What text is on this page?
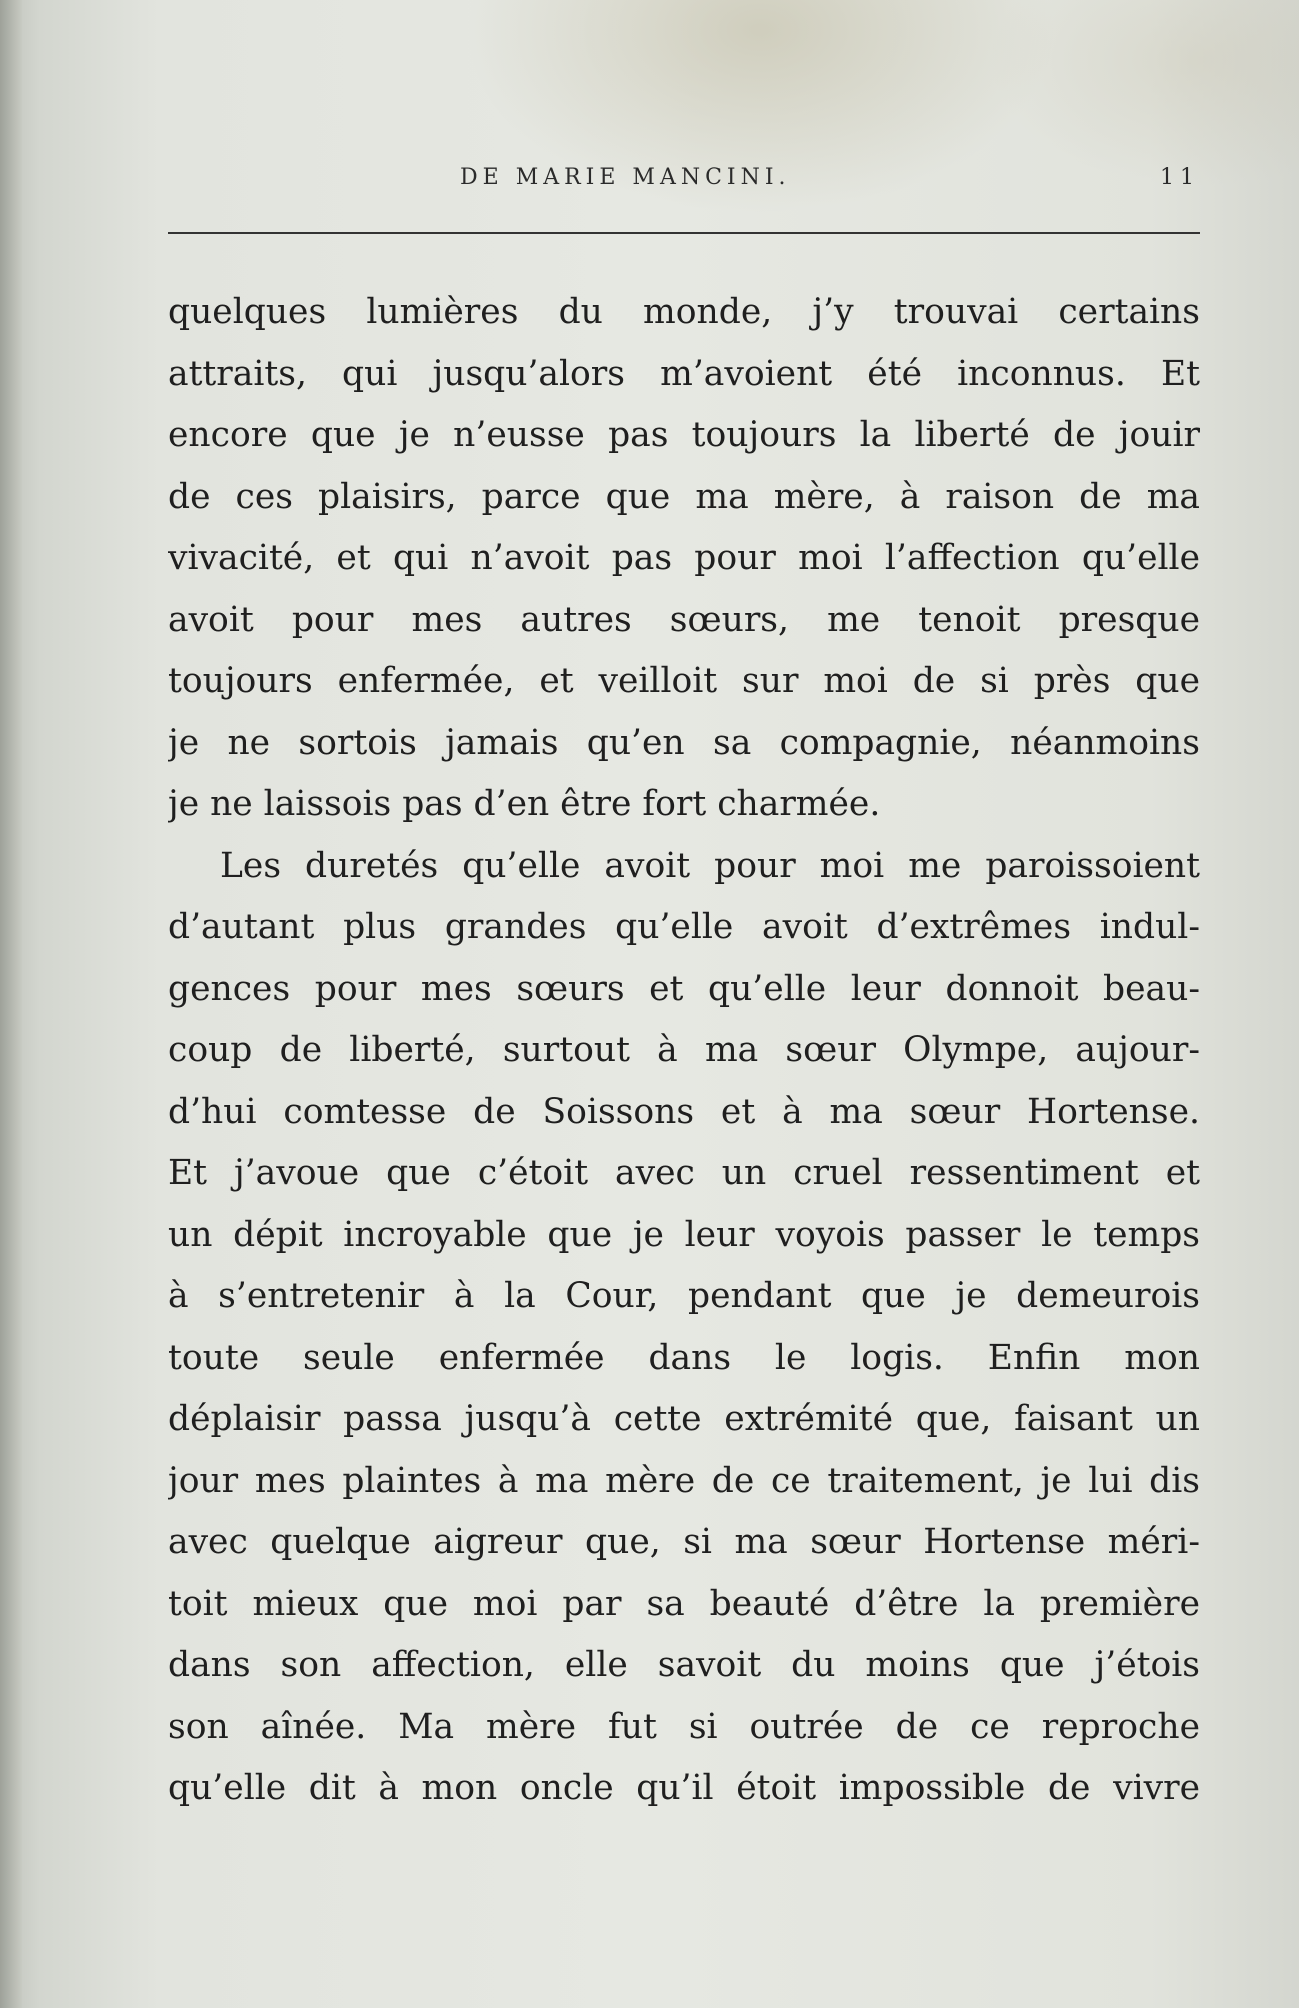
DE MARIE MANCINI.	11
quelques lumières du monde, j’y trouvai certains
attraits, qui jusqu’alors m’avoient été inconnus. Et
encore que je n’eusse pas toujours la liberté de jouir
de ces plaisirs, parce que ma mère, à raison de ma
vivacité, et qui n’avoit pas pour moi l’affection qu’elle
avoit pour mes autres sœurs, me tenoit presque
toujours enfermée, et veilloit sur moi de si près que
je ne sortois jamais qu’en sa compagnie, néanmoins
je ne laissois pas d’en être fort charmée.
Les duretés qu’elle avoit pour moi me paroissoient
d’autant plus grandes qu’elle avoit d’extrêmes indul-
gences pour mes sœurs et qu’elle leur donnoit beau-
coup de liberté, surtout à ma sœur Olympe, aujour-
d’hui comtesse de Soissons et à ma sœur Hortense.
Et j’avoue que c’étoit avec un cruel ressentiment et
un dépit incroyable que je leur voyois passer le temps
à s’entretenir à la Cour, pendant que je demeurois
toute seule enfermée dans le logis. Enfin mon
déplaisir passa jusqu’à cette extrémité que, faisant un
jour mes plaintes à ma mère de ce traitement, je lui dis
avec quelque aigreur que, si ma sœur Hortense méri-
toit mieux que moi par sa beauté d’être la première
dans son affection, elle savoit du moins que j’étois
son aînée. Ma mère fut si outrée de ce reproche
qu’elle dit à mon oncle qu’il étoit impossible de vivre
